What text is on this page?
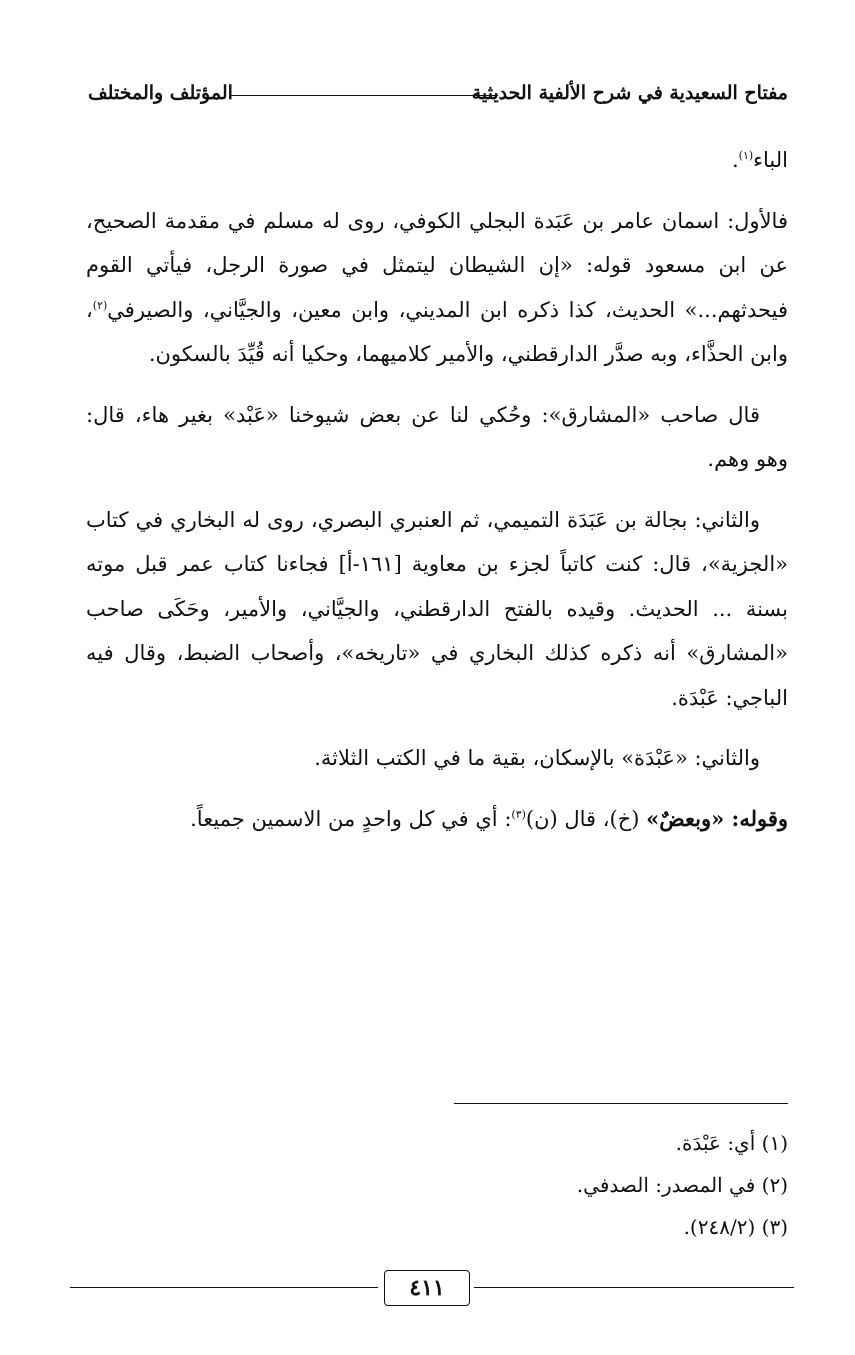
مفتاح السعيدية في شرح الألفية الحديثية
المؤتلف والمختلف

الباء$^{(١)}$.

فالأول: اسمان عامر بن عَبَدة البجلي الكوفي، روى له مسلم في مقدمة الصحيح، عن ابن مسعود قوله: «إن الشيطان ليتمثل في صورة الرجل، فيأتي القوم فيحدثهم...» الحديث، كذا ذكره ابن المديني، وابن معين، والجيَّاني، والصيرفي$^{(٢)}$، وابن الحذَّاء، وبه صدَّر الدارقطني، والأمير كلاميهما، وحكيا أنه قُيِّدَ بالسكون.

قال صاحب «المشارق»: وحُكي لنا عن بعض شيوخنا «عَبْد» بغير هاء، قال: وهو وهم.

والثاني: بجالة بن عَبَدَة التميمي، ثم العنبري البصري، روى له البخاري في كتاب «الجزية»، قال: كنت كاتباً لجزء بن معاوية [١٦١-أ] فجاءنا كتاب عمر قبل موته بسنة ... الحديث. وقيده بالفتح الدارقطني، والجيَّاني، والأمير، وحَكَى صاحب «المشارق» أنه ذكره كذلك البخاري في «تاريخه»، وأصحاب الضبط، وقال فيه الباجي: عَبْدَة.

والثاني: «عَبْدَة» بالإسكان، بقية ما في الكتب الثلاثة.

وقوله: «وبعضٌ» (خ)، قال (ن)$^{(٣)}$: أي في كل واحدٍ من الاسمين جميعاً.

(١) أي: عَبْدَة.
(٢) في المصدر: الصدفي.
(٣) (٢٤٨/٢).
٤١١
